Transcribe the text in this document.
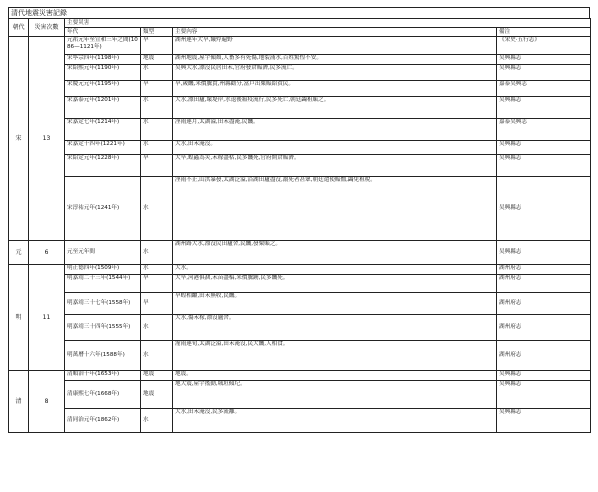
清代地震災害記錄
朝代	災害次數	主要災害			
		年代	類型	主要內容	備注
宋	13	元祐元年至宣和三年之間(1086—1121年)	旱	湖州連年大旱,餓殍遍野	《宋史·五行志》
		宋寧宗四年(1198年)	地震	湖州地震,屋宇傾頹,人畜多有死傷,地裂涌水,百姓驚惶不安。	吴興縣志
		宋紹熙元年(1190年)	水	吴興大水,漂沒民居田禾,官府發倉賑濟,民多流亡。	吴興縣志
		宋慶元元年(1195年)	旱	旱,歲饑,米價騰貴,州縣勸分,富戶出粟賑給貧民。	嘉泰吴興志
		宋嘉泰元年(1201年)	水	大水,漂田廬,壞堤岸,水退後瘟疫流行,民多死亡,朝廷蠲租賑之。	吴興縣志
		宋嘉定七年(1214年)	水	淫雨連月,太湖溢,田禾盡淹,民饑。	嘉泰吴興志
		宋嘉定十四年(1221年)	水	大水,田禾淹沒。	吴興縣志
		宋紹定元年(1228年)	旱	大旱,蝗蟲為災,禾稼盡枯,民多饑死,官府開倉賑濟。	吴興縣志
		宋淳祐元年(1241年)	水	淫雨不止,山洪暴發,太湖泛溢,沿湖田廬盡沒,溺死者甚眾,朝廷遣使賑恤,蠲免租稅。	吴興縣志
元	6	元至元年間	水	湖州路大水,漂沒民田廬舍,民饑,發粟賑之。	吴興縣志
明	11	明正德四年(1509年)	水	大水。	湖州府志
		明嘉靖二十三年(1544年)	旱	大旱,河港俱涸,禾苗盡槁,米價騰踴,民多饑死。	湖州府志
		明嘉靖三十七年(1558年)	旱	旱蝗相繼,田禾無收,民饑。	湖州府志
		明嘉靖三十四年(1555年)	水	大水,傷禾稼,漂沒廬舍。	湖州府志
		明萬曆十六年(1588年)	水	霪雨連旬,太湖泛溢,田禾淹沒,民大饑,人相食。	湖州府志
清	8	清順治十年(1653年)	地震	地震。	吴興縣志
		清康熙七年(1668年)	地震	地大震,屋宇搖動,城垣傾圮。	吴興縣志
		清同治元年(1862年)	水	大水,田禾淹沒,民多流離。	吴興縣志
